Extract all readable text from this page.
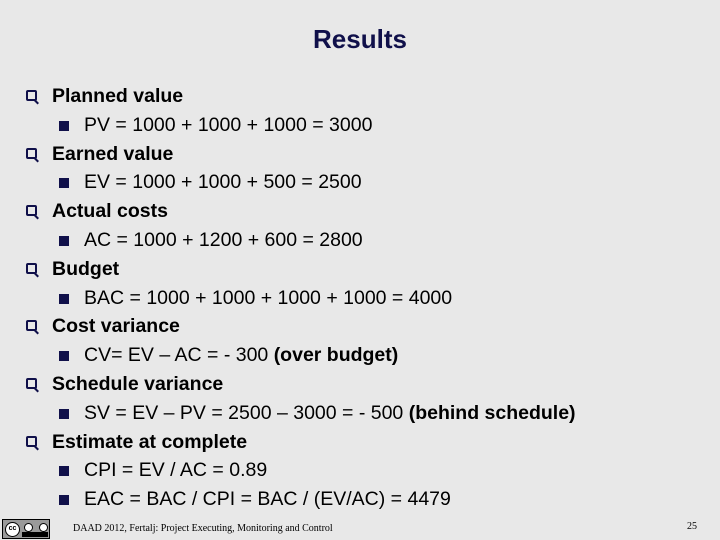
Results
Planned value
PV = 1000 + 1000 + 1000 = 3000
Earned value
EV = 1000 + 1000 + 500 = 2500
Actual costs
AC = 1000 + 1200 + 600 = 2800
Budget
BAC = 1000 + 1000 + 1000 + 1000 = 4000
Cost variance
CV= EV – AC = - 300 (over budget)
Schedule variance
SV = EV – PV = 2500 – 3000 = - 500 (behind schedule)
Estimate at complete
CPI = EV / AC = 0.89
EAC = BAC / CPI = BAC / (EV/AC) = 4479
cc	DAAD 2012, Fertalj: Project Executing, Monitoring and Control	25
